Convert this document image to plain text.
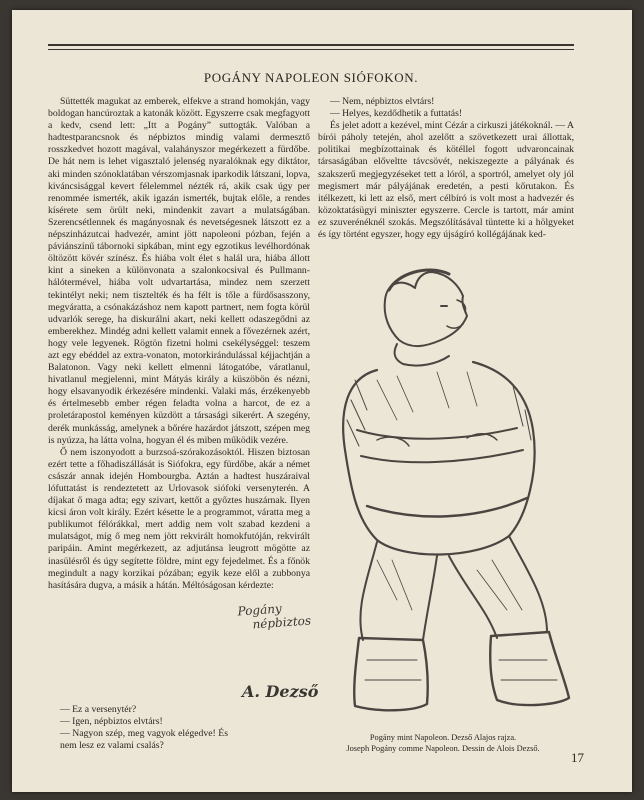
POGÁNY NAPOLEON SIÓFOKON.

Süttették magukat az emberek, elfekve a strand homokján, vagy boldogan hancúroztak a katonák között. Egyszerre csak megfagyott a kedv, csend lett: „Itt a Pogány” suttogták. Valóban a hadtestparancsnok és népbiztos mindig valami dermesztő rosszkedvet hozott magával, valahányszor megérkezett a fürdőbe. De hát nem is lehet vigasztaló jelenség nyaralóknak egy diktátor, aki minden szónoklatában vérszomjasnak iparkodik látszani, lopva, kiváncsisággal kevert félelemmel nézték rá, akik csak úgy per renommée ismerték, akik igazán ismerték, bujtak előle, a rendes kísérete sem örült neki, mindenkit zavart a mulatságában. Szerencsétlennek és magányosnak és nevetségesnek látszott ez a népszinházutcai hadvezér, amint jött napoleoni pózban, fején a páviánszínű tábornoki sipkában, mint egy egzotikus levélhordónak öltözött kövér színész. És hiába volt élet s halál ura, hiába állott kint a sineken a különvonata a szalonkocsival és Pullmann-hálótermével, hiába volt udvartartása, mindez nem szerzett tekintélyt neki; nem tisztelték és ha félt is tőle a fürdősasszony, megváratta, a csónakázáshoz nem kapott partnert, nem fogta körül udvarlók serege, ha diskurálni akart, neki kellett odaszegődni az emberekhez. Mindég adni kellett valamit ennek a fővezérnek azért, hogy vele legyenek. Rögtön fizetni holmi csekélységgel: teszem azt egy ebéddel az extra-vonaton, motorkirándulással kéjjachtján a Balatonon. Vagy neki kellett elmenni látogatóbe, váratlanul, hivatlanul megjelenni, mint Mátyás király a küszöbön és nézni, hogy elsavanyodik érkezésére mindenki. Valaki más, érzékenyebb és értelmesebb ember régen feladta volna a harcot, de ez a proletárapostol keményen küzdött a társasági sikerért. A szegény, derék munkásság, amelynek a bőrére hazárdot játszott, szépen meg is nyúzza, ha látta volna, hogyan él és miben működik vezére.

Ő nem iszonyodott a burzsoá-szórakozásoktól. Hiszen biztosan ezért tette a főhadiszállását is Siófokra, egy fürdőbe, akár a német császár annak idején Hombourgba. Aztán a hadtest huszáraival lófuttatást is rendeztetett az Urlovasok siófoki versenyterén. A díjakat ő maga adta; egy szivart, kettőt a győztes huszárnak. Ilyen kicsi áron volt király. Ezért késette le a programmot, váratta meg a publikumot félórákkal, mert addig nem volt szabad kezdeni a mulatságot, míg ő meg nem jött rekvirált homokfutóján, rekvirált paripáin. Amint megérkezett, az adjutánsa leugrott mögötte az inasülésről és úgy segítette földre, mint egy fejedelmet. És a főnök megindult a nagy korzikai pózában; egyik keze elől a zubbonya hasítására dugva, a másik a hátán. Méltóságosan kérdezte:

— Nem, népbiztos elvtárs!

— Helyes, kezdődhetik a futtatás!

És jelet adott a kezével, mint Cézár a cirkuszi játékoknál. — A bírói páholy tetején, ahol azelőtt a szövetkezett urai állottak, politikai megbízottainak és kötéllel fogott udvaroncainak társaságában előveltte távcsövét, nekiszegezte a pályának és szakszerű megjegyzéseket tett a lóról, a sportról, amelyet oly jól megismert már pályájának eredetén, a pesti kőrutakon. És itélkezett, ki lett az első, mert célbíró is volt most a hadvezér és közoktatásügyi miniszter egyszerre. Cercle is tartott, már amint ez szuverénéknél szokás. Megszólításával tüntette ki a hölgyeket és így történt egyszer, hogy egy újságíró kollégájának ked-

Pogány
népbiztos
A. Dezső

— Ez a versenytér?

— Igen, népbiztos elvtárs!

— Nagyon szép, meg vagyok elégedve! És nem lesz ez valami csalás?

Pogány mint Napoleon. Dezső Alajos rajza.
Joseph Pogány comme Napoleon. Dessin de Alois Dezső.
17
